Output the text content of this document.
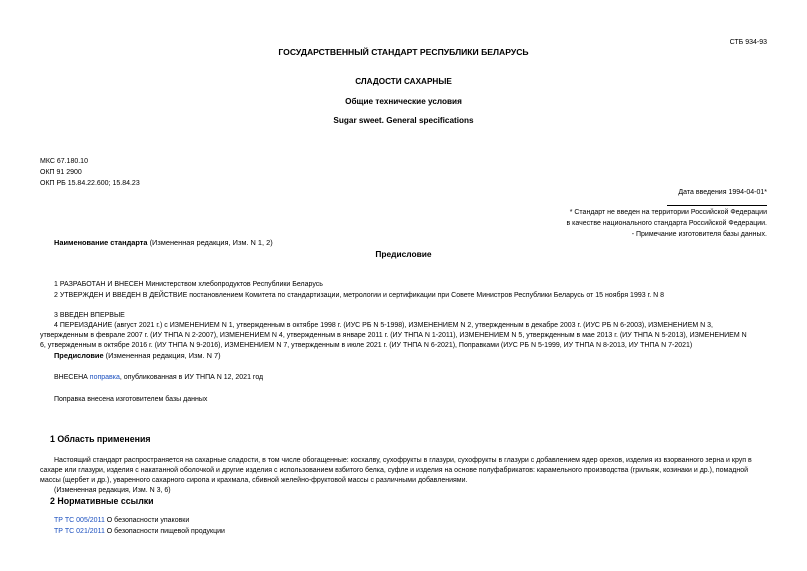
СТБ 934-93
ГОСУДАРСТВЕННЫЙ СТАНДАРТ РЕСПУБЛИКИ БЕЛАРУСЬ
СЛАДОСТИ САХАРНЫЕ
Общие технические условия
Sugar sweet. General specifications
МКС 67.180.10
ОКП 91 2900
ОКП РБ 15.84.22.600; 15.84.23
Дата введения 1994-04-01*
* Стандарт не введен на территории Российской Федерации
в качестве национального стандарта Российской Федерации.
- Примечание изготовителя базы данных.
Наименование стандарта (Измененная редакция, Изм. N 1, 2)
Предисловие
1 РАЗРАБОТАН И ВНЕСЕН Министерством хлебопродуктов Республики Беларусь
2 УТВЕРЖДЕН И ВВЕДЕН В ДЕЙСТВИЕ постановлением Комитета по стандартизации, метрологии и сертификации при Совете Министров Республики Беларусь от 15 ноября 1993 г. N 8
3 ВВЕДЕН ВПЕРВЫЕ
4 ПЕРЕИЗДАНИЕ (август 2021 г.) с ИЗМЕНЕНИЕМ N 1, утвержденным в октябре 1998 г. (ИУС РБ N 5-1998), ИЗМЕНЕНИЕМ N 2, утвержденным в декабре 2003 г. (ИУС РБ N 6-2003), ИЗМЕНЕНИЕМ N 3,
утвержденным в феврале 2007 г. (ИУ ТНПА N 2-2007), ИЗМЕНЕНИЕМ N 4, утвержденным в январе 2011 г. (ИУ ТНПА N 1-2011), ИЗМЕНЕНИЕМ N 5, утвержденным в мае 2013 г. (ИУ ТНПА N 5-2013), ИЗМЕНЕНИЕМ N
6, утвержденным в октябре 2016 г. (ИУ ТНПА N 9-2016), ИЗМЕНЕНИЕМ N 7, утвержденным в июле 2021 г. (ИУ ТНПА N 6-2021), Поправками (ИУС РБ N 5-1999, ИУ ТНПА N 8-2013, ИУ ТНПА N 7-2021)
Предисловие (Измененная редакция, Изм. N 7)
ВНЕСЕНА поправка, опубликованная в ИУ ТНПА N 12, 2021 год
Поправка внесена изготовителем базы данных
1 Область применения
Настоящий стандарт распространяется на сахарные сладости, в том числе обогащенные: косхалву, сухофрукты в глазури, сухофрукты в глазури с добавлением ядер орехов, изделия из взорванного зерна и круп в
сахаре или глазури, изделия с накатанной оболочкой и другие изделия с использованием взбитого белка, суфле и изделия на основе полуфабрикатов: карамельного производства (грильяж, козинаки и др.), помадной
массы (щербет и др.), уваренного сахарного сиропа и крахмала, сбивной желейно-фруктовой массы с различными добавлениями.
(Измененная редакция, Изм. N 3, 6)
2 Нормативные ссылки
ТР ТС 005/2011 О безопасности упаковки
ТР ТС 021/2011 О безопасности пищевой продукции
